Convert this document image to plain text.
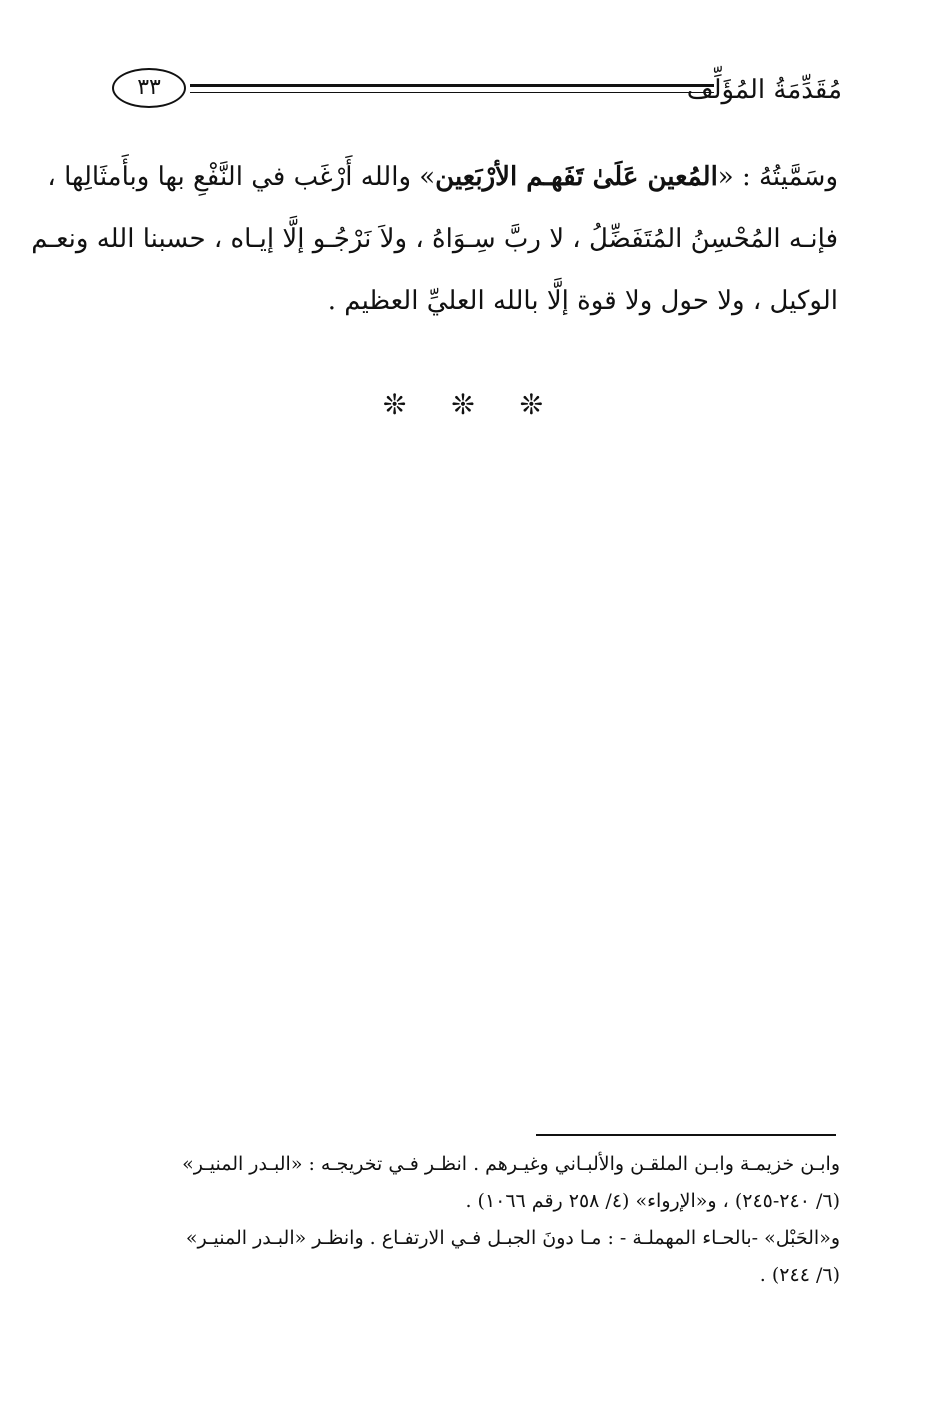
مُقَدِّمَةُ المُؤَلِّف
٣٣
وسَمَّيتُهُ : «المُعين عَلَىٰ تَفَهـم الأرْبَعِين» والله أَرْغَب في النَّفْعِ بها وبأَمثَالِها ،
فإنـه المُحْسِنُ المُتَفَضِّلُ ، لا ربَّ سِـوَاهُ ، ولاَ نَرْجُـو إلَّا إيـاه ، حسبنا الله ونعـم
الوكيل ، ولا حول ولا قوة إلَّا بالله العليِّ العظيم .
❊ ❊ ❊
وابـن خزيمـة وابـن الملقـن والألبـاني وغيـرهم . انظـر فـي تخريجـه : «البـدر المنيـر»
(٦/ ٢٤٠-٢٤٥) ، و«الإرواء» (٤/ ٢٥٨ رقم ١٠٦٦) .
و«الحَبْل» -بالحـاء المهملـة - : مـا دونَ الجبـل فـي الارتفـاع . وانظـر «البـدر المنيـر»
(٦/ ٢٤٤) .
